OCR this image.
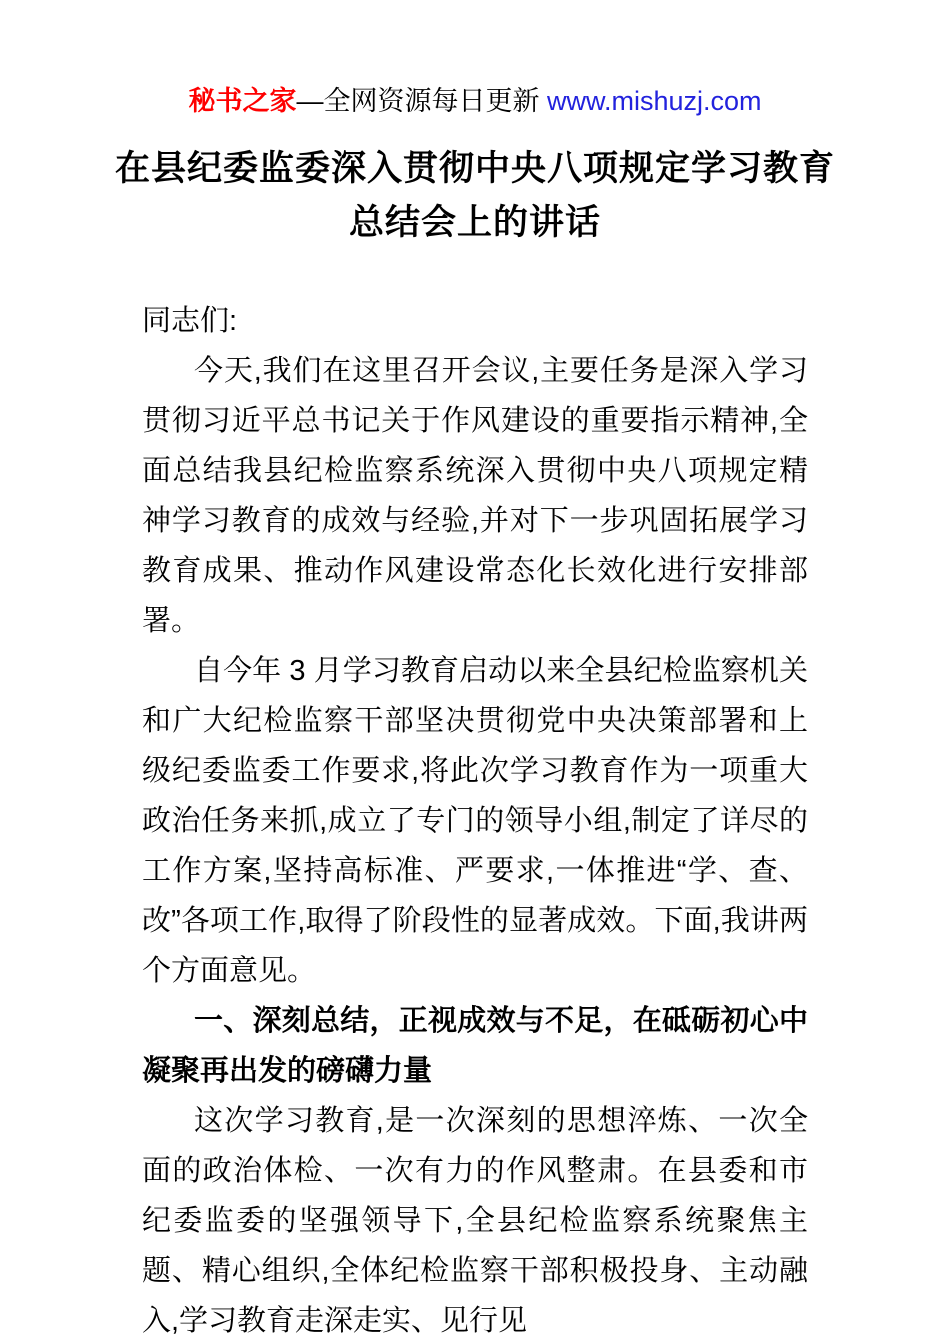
秘书之家—全网资源每日更新 www.mishuzj.com
在县纪委监委深入贯彻中央八项规定学习教育
总结会上的讲话

同志们:

今天,我们在这里召开会议,主要任务是深入学习贯彻习近平总书记关于作风建设的重要指示精神,全面总结我县纪检监察系统深入贯彻中央八项规定精神学习教育的成效与经验,并对下一步巩固拓展学习教育成果、推动作风建设常态化长效化进行安排部署。

自今年 3 月学习教育启动以来全县纪检监察机关和广大纪检监察干部坚决贯彻党中央决策部署和上级纪委监委工作要求,将此次学习教育作为一项重大政治任务来抓,成立了专门的领导小组,制定了详尽的工作方案,坚持高标准、严要求,一体推进“学、查、改”各项工作,取得了阶段性的显著成效。下面,我讲两个方面意见。

一、深刻总结，正视成效与不足，在砥砺初心中凝聚再出发的磅礴力量

这次学习教育,是一次深刻的思想淬炼、一次全面的政治体检、一次有力的作风整肃。在县委和市纪委监委的坚强领导下,全县纪检监察系统聚焦主题、精心组织,全体纪检监察干部积极投身、主动融入,学习教育走深走实、见行见
